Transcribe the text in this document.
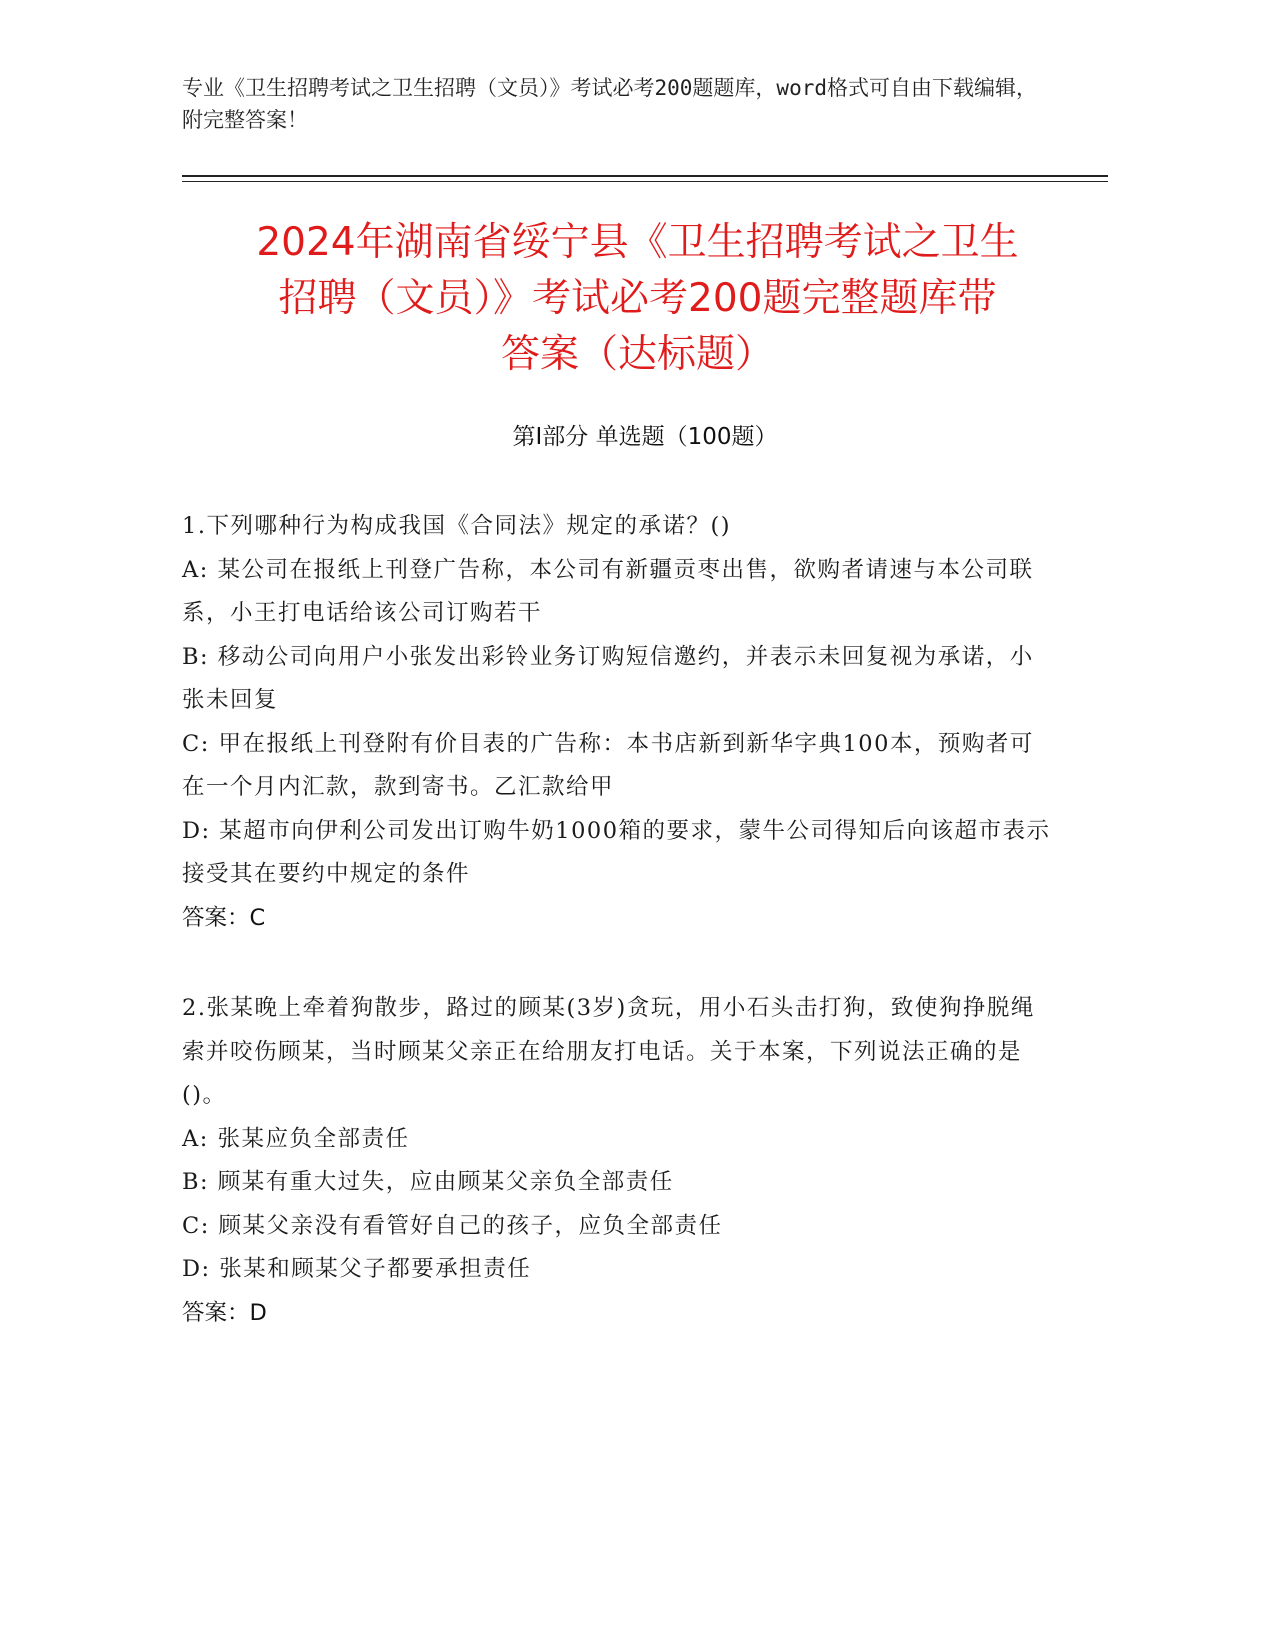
专业《卫生招聘考试之卫生招聘（文员）》考试必考200题题库，word格式可自由下载编辑，附完整答案！
2024年湖南省绥宁县《卫生招聘考试之卫生
招聘（文员）》考试必考200题完整题库带
答案（达标题）
第I部分 单选题（100题）
1.下列哪种行为构成我国《合同法》规定的承诺？()
A: 某公司在报纸上刊登广告称，本公司有新疆贡枣出售，欲购者请速与本公司联系，小王打电话给该公司订购若干
B: 移动公司向用户小张发出彩铃业务订购短信邀约，并表示未回复视为承诺，小张未回复
C: 甲在报纸上刊登附有价目表的广告称：本书店新到新华字典100本，预购者可在一个月内汇款，款到寄书。乙汇款给甲
D: 某超市向伊利公司发出订购牛奶1000箱的要求，蒙牛公司得知后向该超市表示接受其在要约中规定的条件
答案：C
2.张某晚上牵着狗散步，路过的顾某(3岁)贪玩，用小石头击打狗，致使狗挣脱绳索并咬伤顾某，当时顾某父亲正在给朋友打电话。关于本案，下列说法正确的是()。
A: 张某应负全部责任
B: 顾某有重大过失，应由顾某父亲负全部责任
C: 顾某父亲没有看管好自己的孩子，应负全部责任
D: 张某和顾某父子都要承担责任
答案：D
